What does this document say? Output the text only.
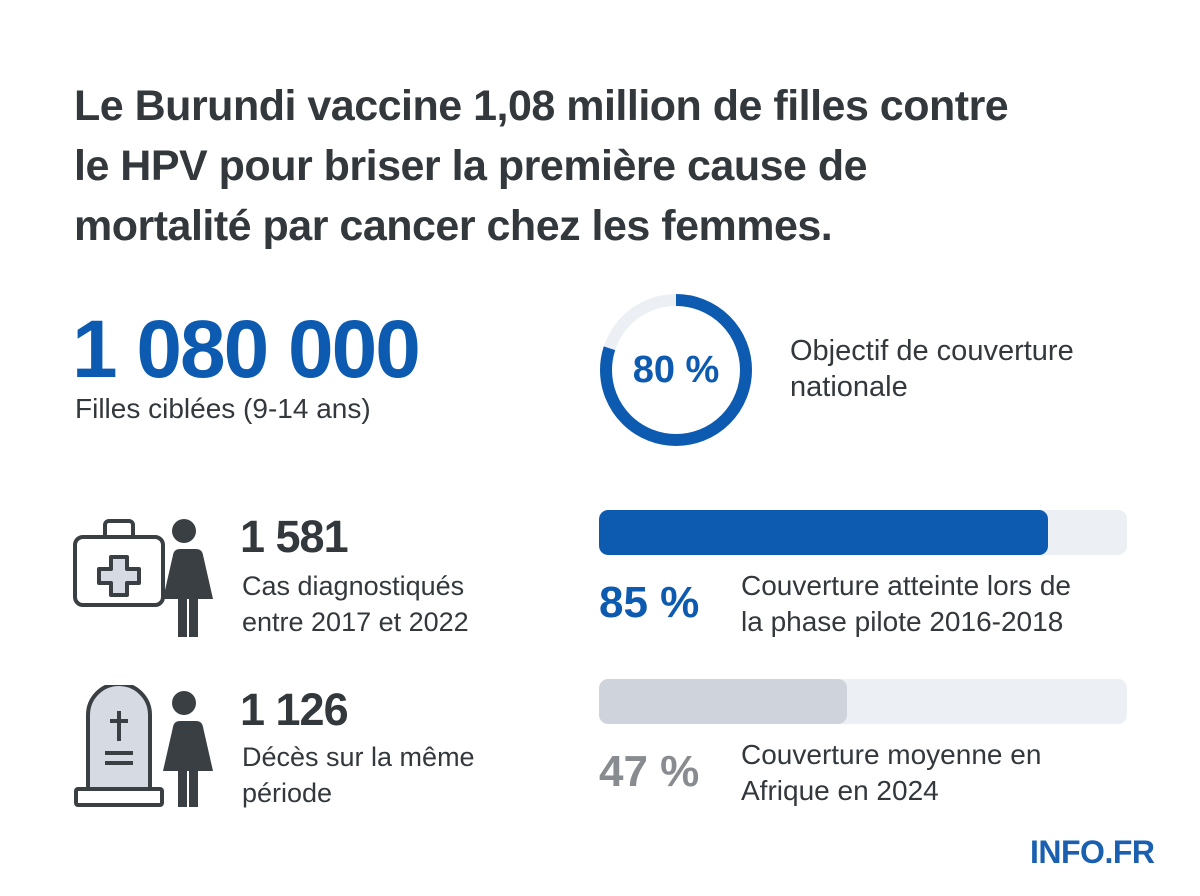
Le Burundi vaccine 1,08 million de filles contre
le HPV pour briser la première cause de
mortalité par cancer chez les femmes.
1 080 000
Filles ciblées (9-14 ans)
80 %	Objectif de couverture
nationale
1 581
Cas diagnostiqués
entre 2017 et 2022
1 126
Décès sur la même
période
85 % Couverture atteinte lors de
la phase pilote 2016-2018
47 % Couverture moyenne en
Afrique en 2024
INFO.FR
